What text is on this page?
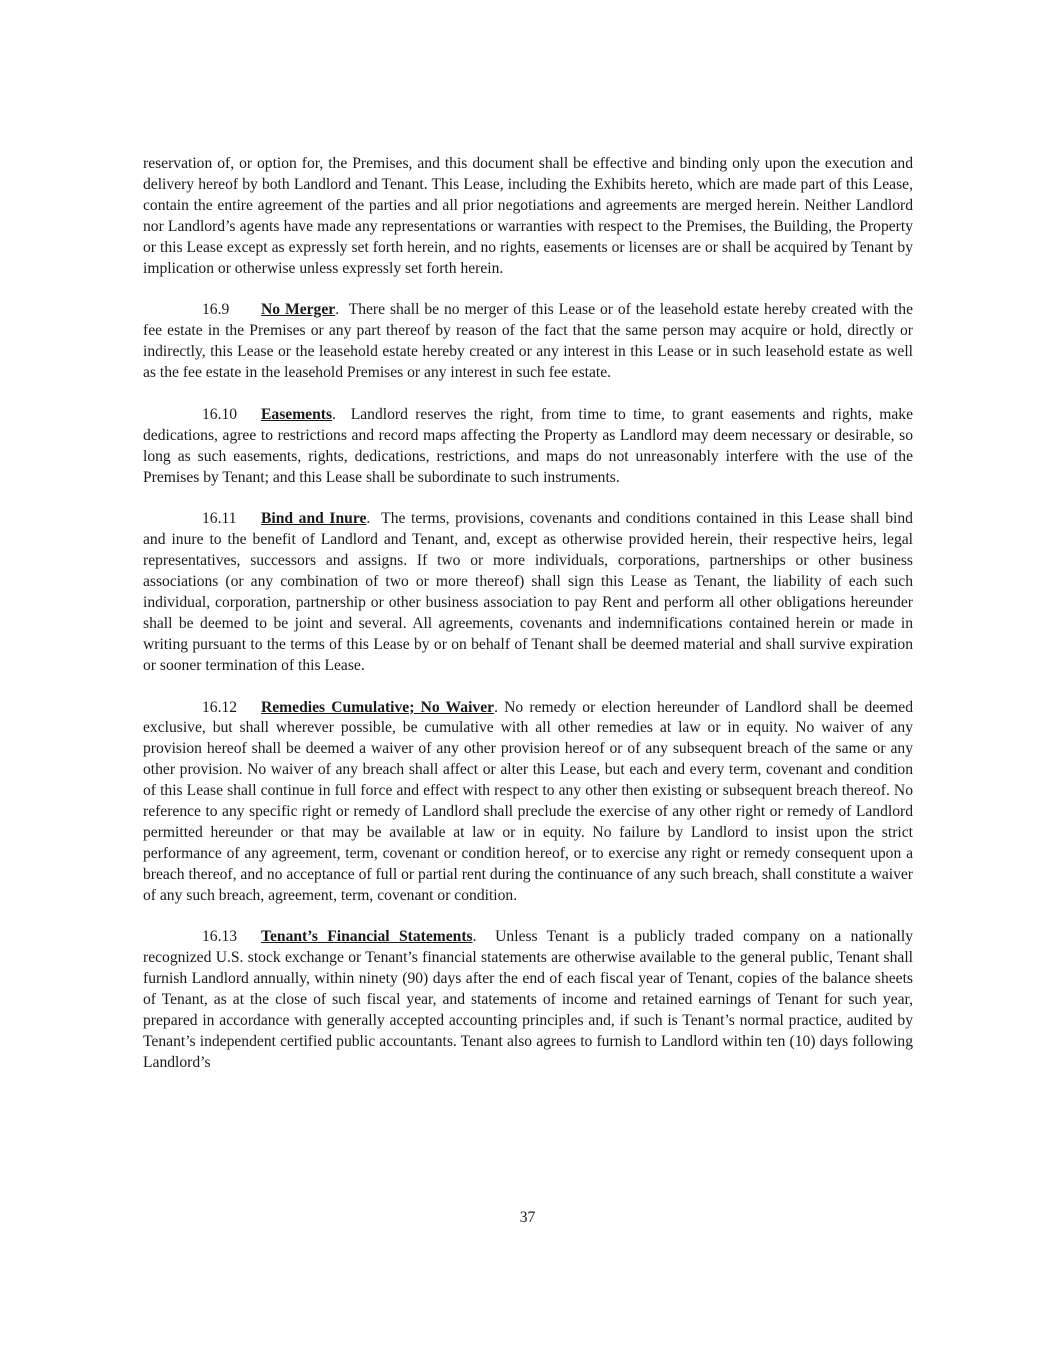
reservation of, or option for, the Premises, and this document shall be effective and binding only upon the execution and delivery hereof by both Landlord and Tenant. This Lease, including the Exhibits hereto, which are made part of this Lease, contain the entire agreement of the parties and all prior negotiations and agreements are merged herein. Neither Landlord nor Landlord’s agents have made any representations or warranties with respect to the Premises, the Building, the Property or this Lease except as expressly set forth herein, and no rights, easements or licenses are or shall be acquired by Tenant by implication or otherwise unless expressly set forth herein.

16.9 No Merger.  There shall be no merger of this Lease or of the leasehold estate hereby created with the fee estate in the Premises or any part thereof by reason of the fact that the same person may acquire or hold, directly or indirectly, this Lease or the leasehold estate hereby created or any interest in this Lease or in such leasehold estate as well as the fee estate in the leasehold Premises or any interest in such fee estate.

16.10 Easements.  Landlord reserves the right, from time to time, to grant easements and rights, make dedications, agree to restrictions and record maps affecting the Property as Landlord may deem necessary or desirable, so long as such easements, rights, dedications, restrictions, and maps do not unreasonably interfere with the use of the Premises by Tenant; and this Lease shall be subordinate to such instruments.

16.11 Bind and Inure.  The terms, provisions, covenants and conditions contained in this Lease shall bind and inure to the benefit of Landlord and Tenant, and, except as otherwise provided herein, their respective heirs, legal representatives, successors and assigns. If two or more individuals, corporations, partnerships or other business associations (or any combination of two or more thereof) shall sign this Lease as Tenant, the liability of each such individual, corporation, partnership or other business association to pay Rent and perform all other obligations hereunder shall be deemed to be joint and several. All agreements, covenants and indemnifications contained herein or made in writing pursuant to the terms of this Lease by or on behalf of Tenant shall be deemed material and shall survive expiration or sooner termination of this Lease.

16.12 Remedies Cumulative; No Waiver. No remedy or election hereunder of Landlord shall be deemed exclusive, but shall wherever possible, be cumulative with all other remedies at law or in equity. No waiver of any provision hereof shall be deemed a waiver of any other provision hereof or of any subsequent breach of the same or any other provision. No waiver of any breach shall affect or alter this Lease, but each and every term, covenant and condition of this Lease shall continue in full force and effect with respect to any other then existing or subsequent breach thereof. No reference to any specific right or remedy of Landlord shall preclude the exercise of any other right or remedy of Landlord permitted hereunder or that may be available at law or in equity. No failure by Landlord to insist upon the strict performance of any agreement, term, covenant or condition hereof, or to exercise any right or remedy consequent upon a breach thereof, and no acceptance of full or partial rent during the continuance of any such breach, shall constitute a waiver of any such breach, agreement, term, covenant or condition.

16.13 Tenant’s Financial Statements.  Unless Tenant is a publicly traded company on a nationally recognized U.S. stock exchange or Tenant’s financial statements are otherwise available to the general public, Tenant shall furnish Landlord annually, within ninety (90) days after the end of each fiscal year of Tenant, copies of the balance sheets of Tenant, as at the close of such fiscal year, and statements of income and retained earnings of Tenant for such year, prepared in accordance with generally accepted accounting principles and, if such is Tenant’s normal practice, audited by Tenant’s independent certified public accountants. Tenant also agrees to furnish to Landlord within ten (10) days following Landlord’s

37
